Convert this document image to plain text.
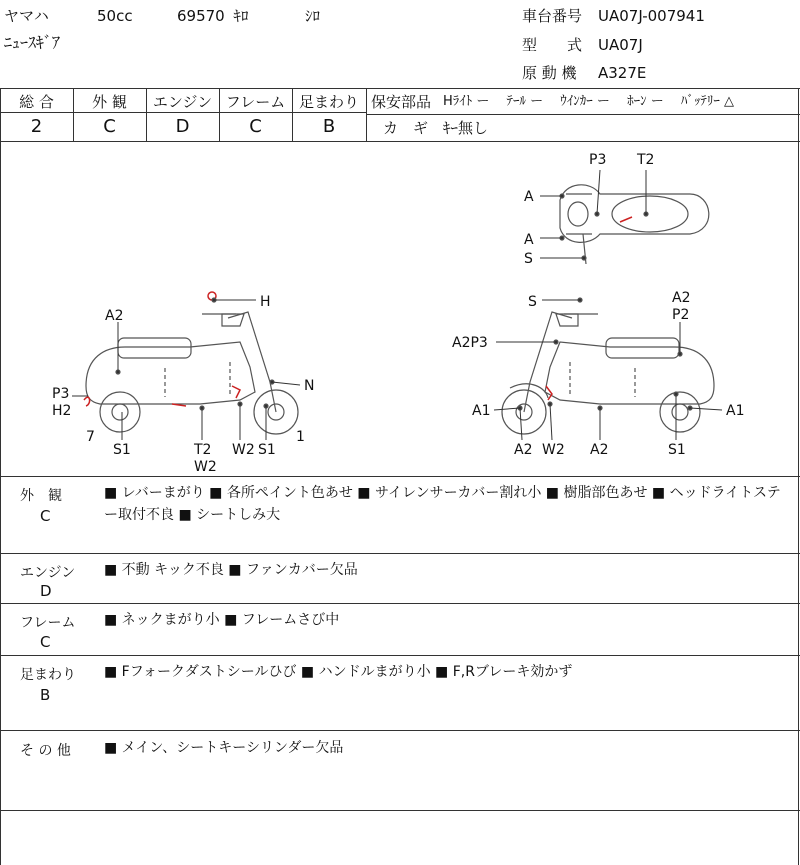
ヤマハ	50cc	69570 ｷﾛ	ｼﾛ
ﾆｭｰｽｷﾞｱ
車台番号 UA07J-007941
型　　式 UA07J
原 動 機 A327E
総 合	外 観	エンジン フレーム 足まわり
2	C	D	C	B
保安部品 Hﾗｲﾄ ー　 ﾃｰﾙ ー　 ｳｲﾝｶｰ ー　 ﾎｰﾝ ー　 ﾊﾞｯﾃﾘｰ △
カ　ギ ｷｰ無し
P3 T2
A
A
S
A2
H
N
P3
H2
7
S1	T2
W2
W2 S1
1
S	A2
P2
A2P3
A1	A1
A2 W2 A2	S1
外　観
C
■ レバーまがり ■ 各所ペイント色あせ ■ サイレンサーカバー割れ小 ■ 樹脂部色あせ ■ ヘッドライトステー取付不良 ■ シートしみ大
エンジン
D
■ 不動 キック不良 ■ ファンカバー欠品
フレーム
C
■ ネックまがり小 ■ フレームさび中
足まわり
B
■ Fフォークダストシールひび ■ ハンドルまがり小 ■ F,Rブレーキ効かず
そ の 他 ■ メイン、シートキーシリンダー欠品
